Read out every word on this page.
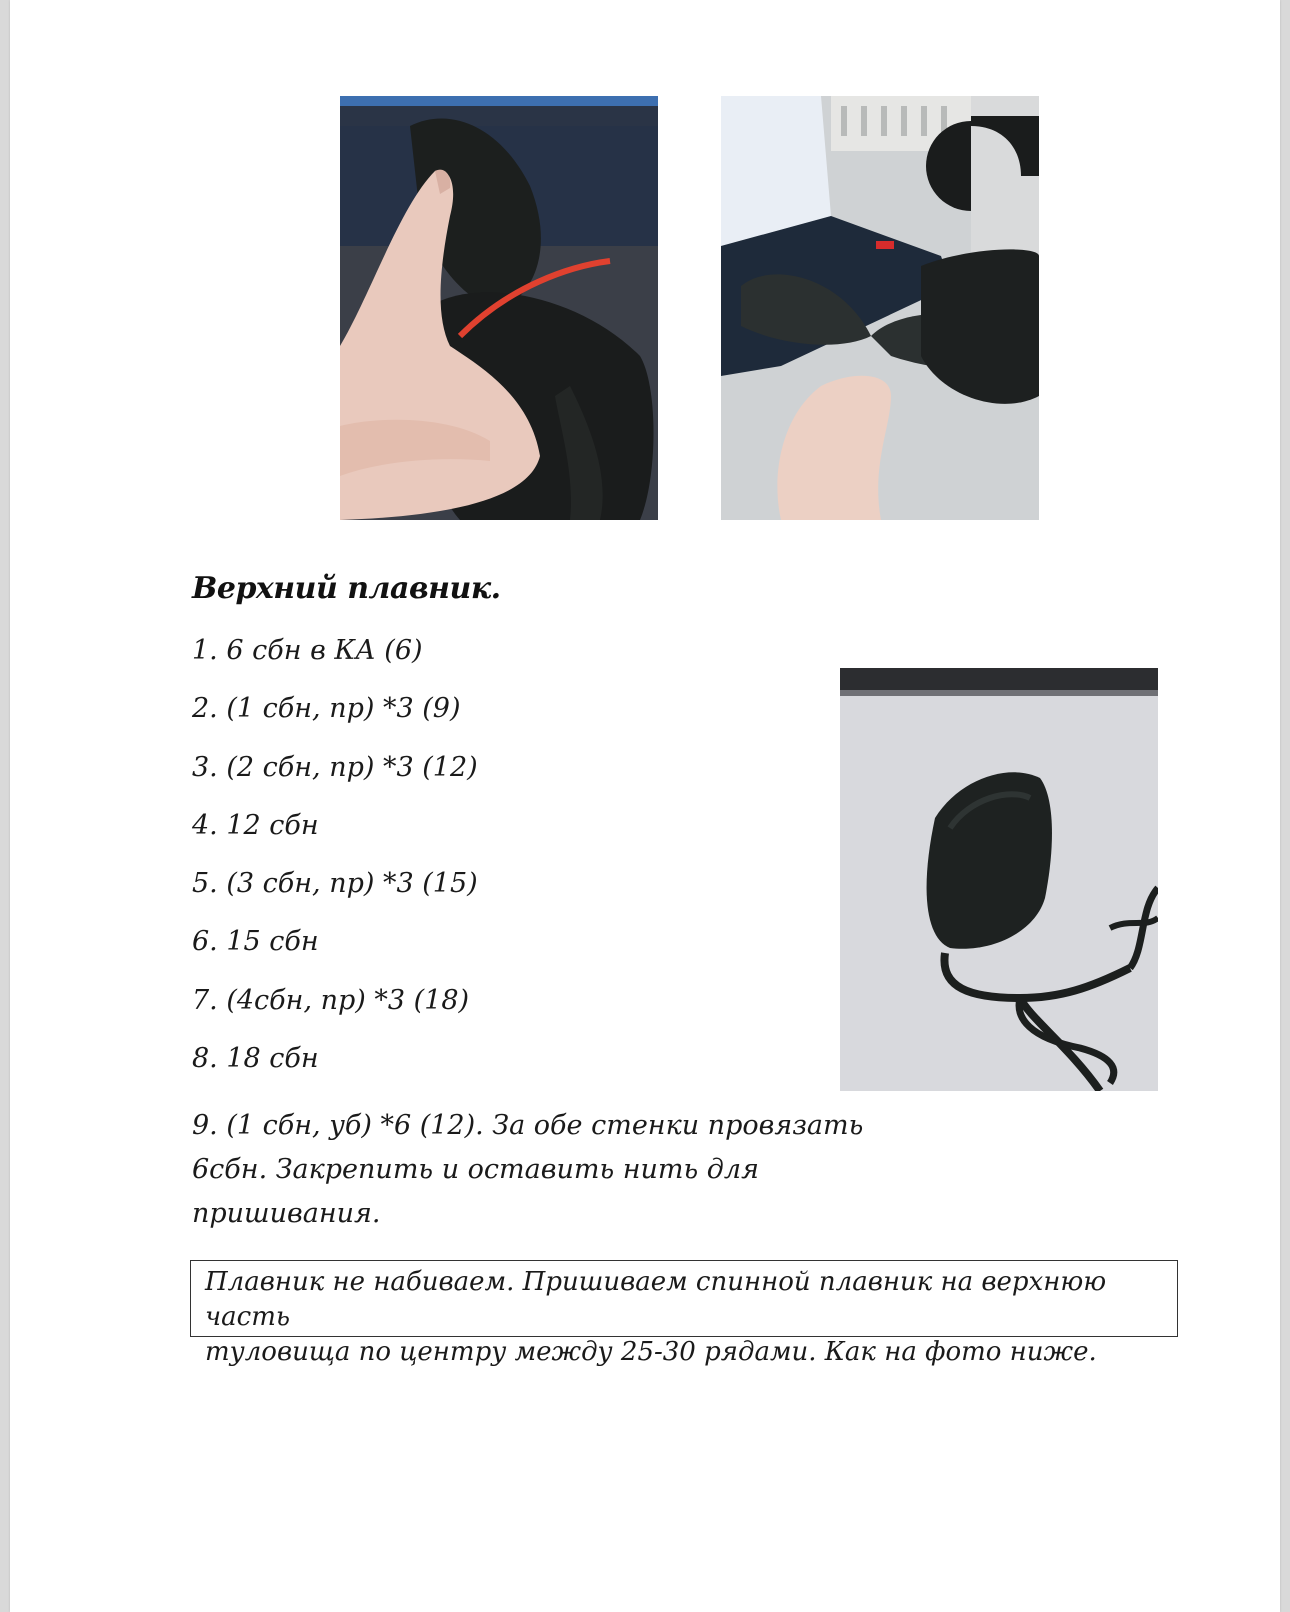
Верхний плавник.
1. 6 сбн в КА (6)
2. (1 сбн, пр) *3 (9)
3. (2 сбн, пр) *3 (12)
4. 12 сбн
5. (3 сбн, пр) *3 (15)
6. 15 сбн
7. (4сбн, пр) *3 (18)
8. 18 сбн
9. (1 сбн, уб) *6 (12). За обе стенки провязать
6сбн. Закрепить и оставить нить для пришивания.
Плавник не набиваем. Пришиваем спинной плавник на верхнюю часть
туловища по центру между 25-30 рядами. Как на фото ниже.
